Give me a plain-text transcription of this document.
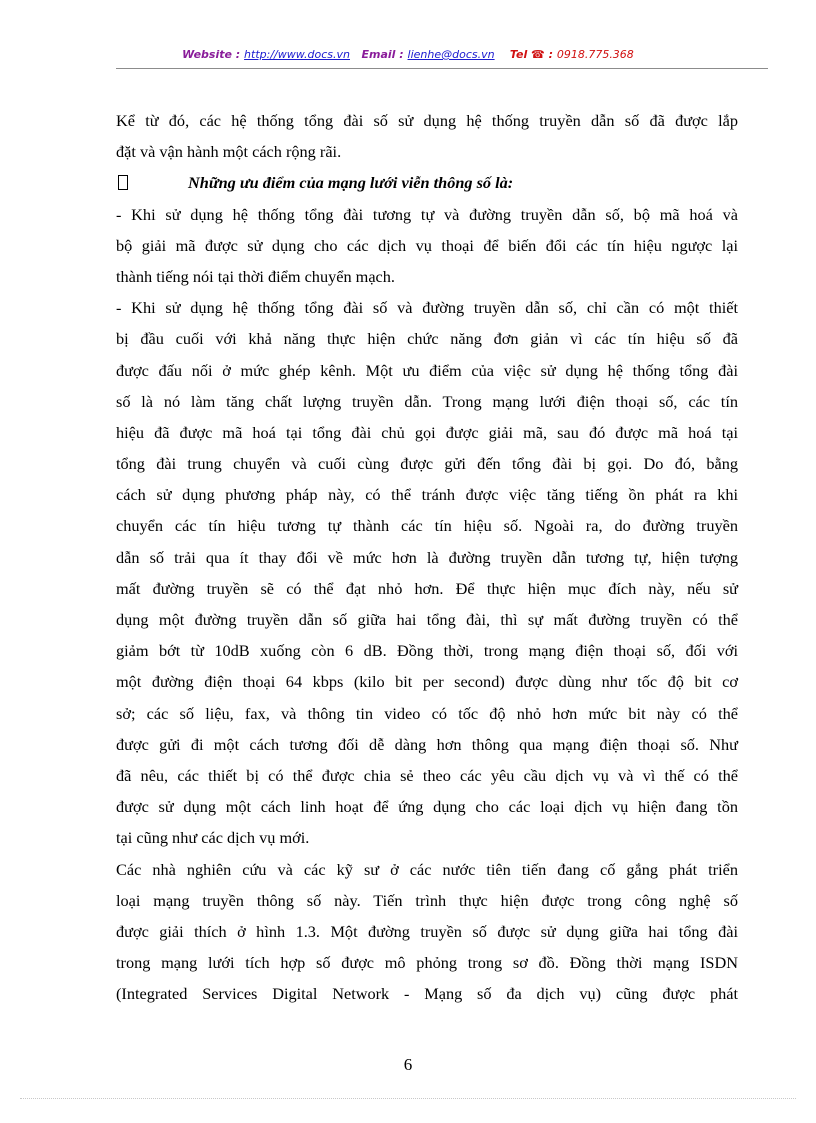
Website : http://www.docs.vn Email : lienhe@docs.vn Tel ☎ : 0918.775.368
Kể từ đó, các hệ thống tổng đài số sử dụng hệ thống truyền dẫn số đã được lắp
đặt và vận hành một cách rộng rãi.
Những ưu điểm của mạng lưới viễn thông số là:
- Khi sử dụng hệ thống tổng đài tương tự và đường truyền dẫn số, bộ mã hoá và
bộ giải mã được sử dụng cho các dịch vụ thoại để biến đổi các tín hiệu ngược lại
thành tiếng nói tại thời điểm chuyển mạch.
- Khi sử dụng hệ thống tổng đài số và đường truyền dẫn số, chỉ cần có một thiết
bị đầu cuối với khả năng thực hiện chức năng đơn giản vì các tín hiệu số đã
được đấu nối ở mức ghép kênh. Một ưu điểm của việc sử dụng hệ thống tổng đài
số là nó làm tăng chất lượng truyền dẫn. Trong mạng lưới điện thoại số, các tín
hiệu đã được mã hoá tại tổng đài chủ gọi được giải mã, sau đó được mã hoá tại
tổng đài trung chuyển và cuối cùng được gửi đến tổng đài bị gọi. Do đó, bằng
cách sử dụng phương pháp này, có thể tránh được việc tăng tiếng ồn phát ra khi
chuyển các tín hiệu tương tự thành các tín hiệu số. Ngoài ra, do đường truyền
dẫn số trải qua ít thay đổi về mức hơn là đường truyền dẫn tương tự, hiện tượng
mất đường truyền sẽ có thể đạt nhỏ hơn. Để thực hiện mục đích này, nếu sử
dụng một đường truyền dẫn số giữa hai tổng đài, thì sự mất đường truyền có thể
giảm bớt từ 10dB xuống còn 6 dB. Đồng thời, trong mạng điện thoại số, đối với
một đường điện thoại 64 kbps (kilo bit per second) được dùng như tốc độ bit cơ
sở; các số liệu, fax, và thông tin video có tốc độ nhỏ hơn mức bit này có thể
được gửi đi một cách tương đối dễ dàng hơn thông qua mạng điện thoại số. Như
đã nêu, các thiết bị có thể được chia sẻ theo các yêu cầu dịch vụ và vì thế có thể
được sử dụng một cách linh hoạt để ứng dụng cho các loại dịch vụ hiện đang tồn
tại cũng như các dịch vụ mới.
Các nhà nghiên cứu và các kỹ sư ở các nước tiên tiến đang cố gắng phát triển
loại mạng truyền thông số này. Tiến trình thực hiện được trong công nghệ số
được giải thích ở hình 1.3. Một đường truyền số được sử dụng giữa hai tổng đài
trong mạng lưới tích hợp số được mô phỏng trong sơ đồ. Đồng thời mạng ISDN
(Integrated Services Digital Network - Mạng số đa dịch vụ) cũng được phát
6
